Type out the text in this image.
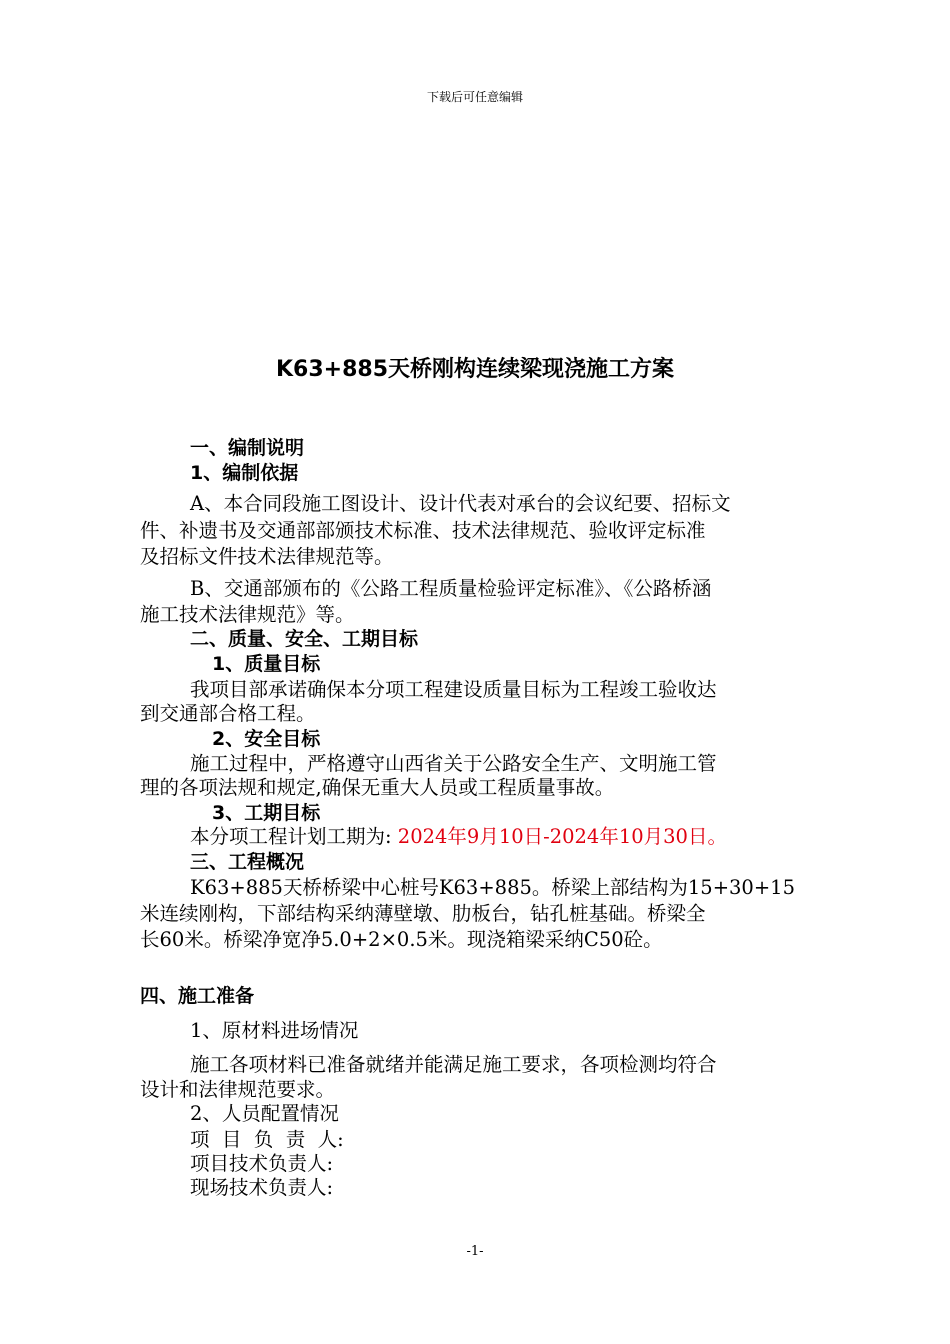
下载后可任意编辑
K63+885天桥刚构连续梁现浇施工方案
一、编制说明
1、编制依据
A、本合同段施工图设计、设计代表对承台的会议纪要、招标文
件、补遗书及交通部部颁技术标准、技术法律规范、验收评定标准
及招标文件技术法律规范等。
B、交通部颁布的《公路工程质量检验评定标准》、《公路桥涵
施工技术法律规范》等。
二、质量、安全、工期目标
1、质量目标
我项目部承诺确保本分项工程建设质量目标为工程竣工验收达
到交通部合格工程。
2、安全目标
施工过程中，严格遵守山西省关于公路安全生产、文明施工管
理的各项法规和规定,确保无重大人员或工程质量事故。
3、工期目标
本分项工程计划工期为: 2024年9月10日-2024年10月30日。
三、工程概况
K63+885天桥桥梁中心桩号K63+885。桥梁上部结构为15+30+15
米连续刚构，下部结构采纳薄壁墩、肋板台，钻孔桩基础。桥梁全
长60米。桥梁净宽净5.0+2×0.5米。现浇箱梁采纳C50砼。
四、施工准备
1、原材料进场情况
施工各项材料已准备就绪并能满足施工要求，各项检测均符合
设计和法律规范要求。
2、人员配置情况
项  目  负  责  人:
项目技术负责人:
现场技术负责人:
-1-
